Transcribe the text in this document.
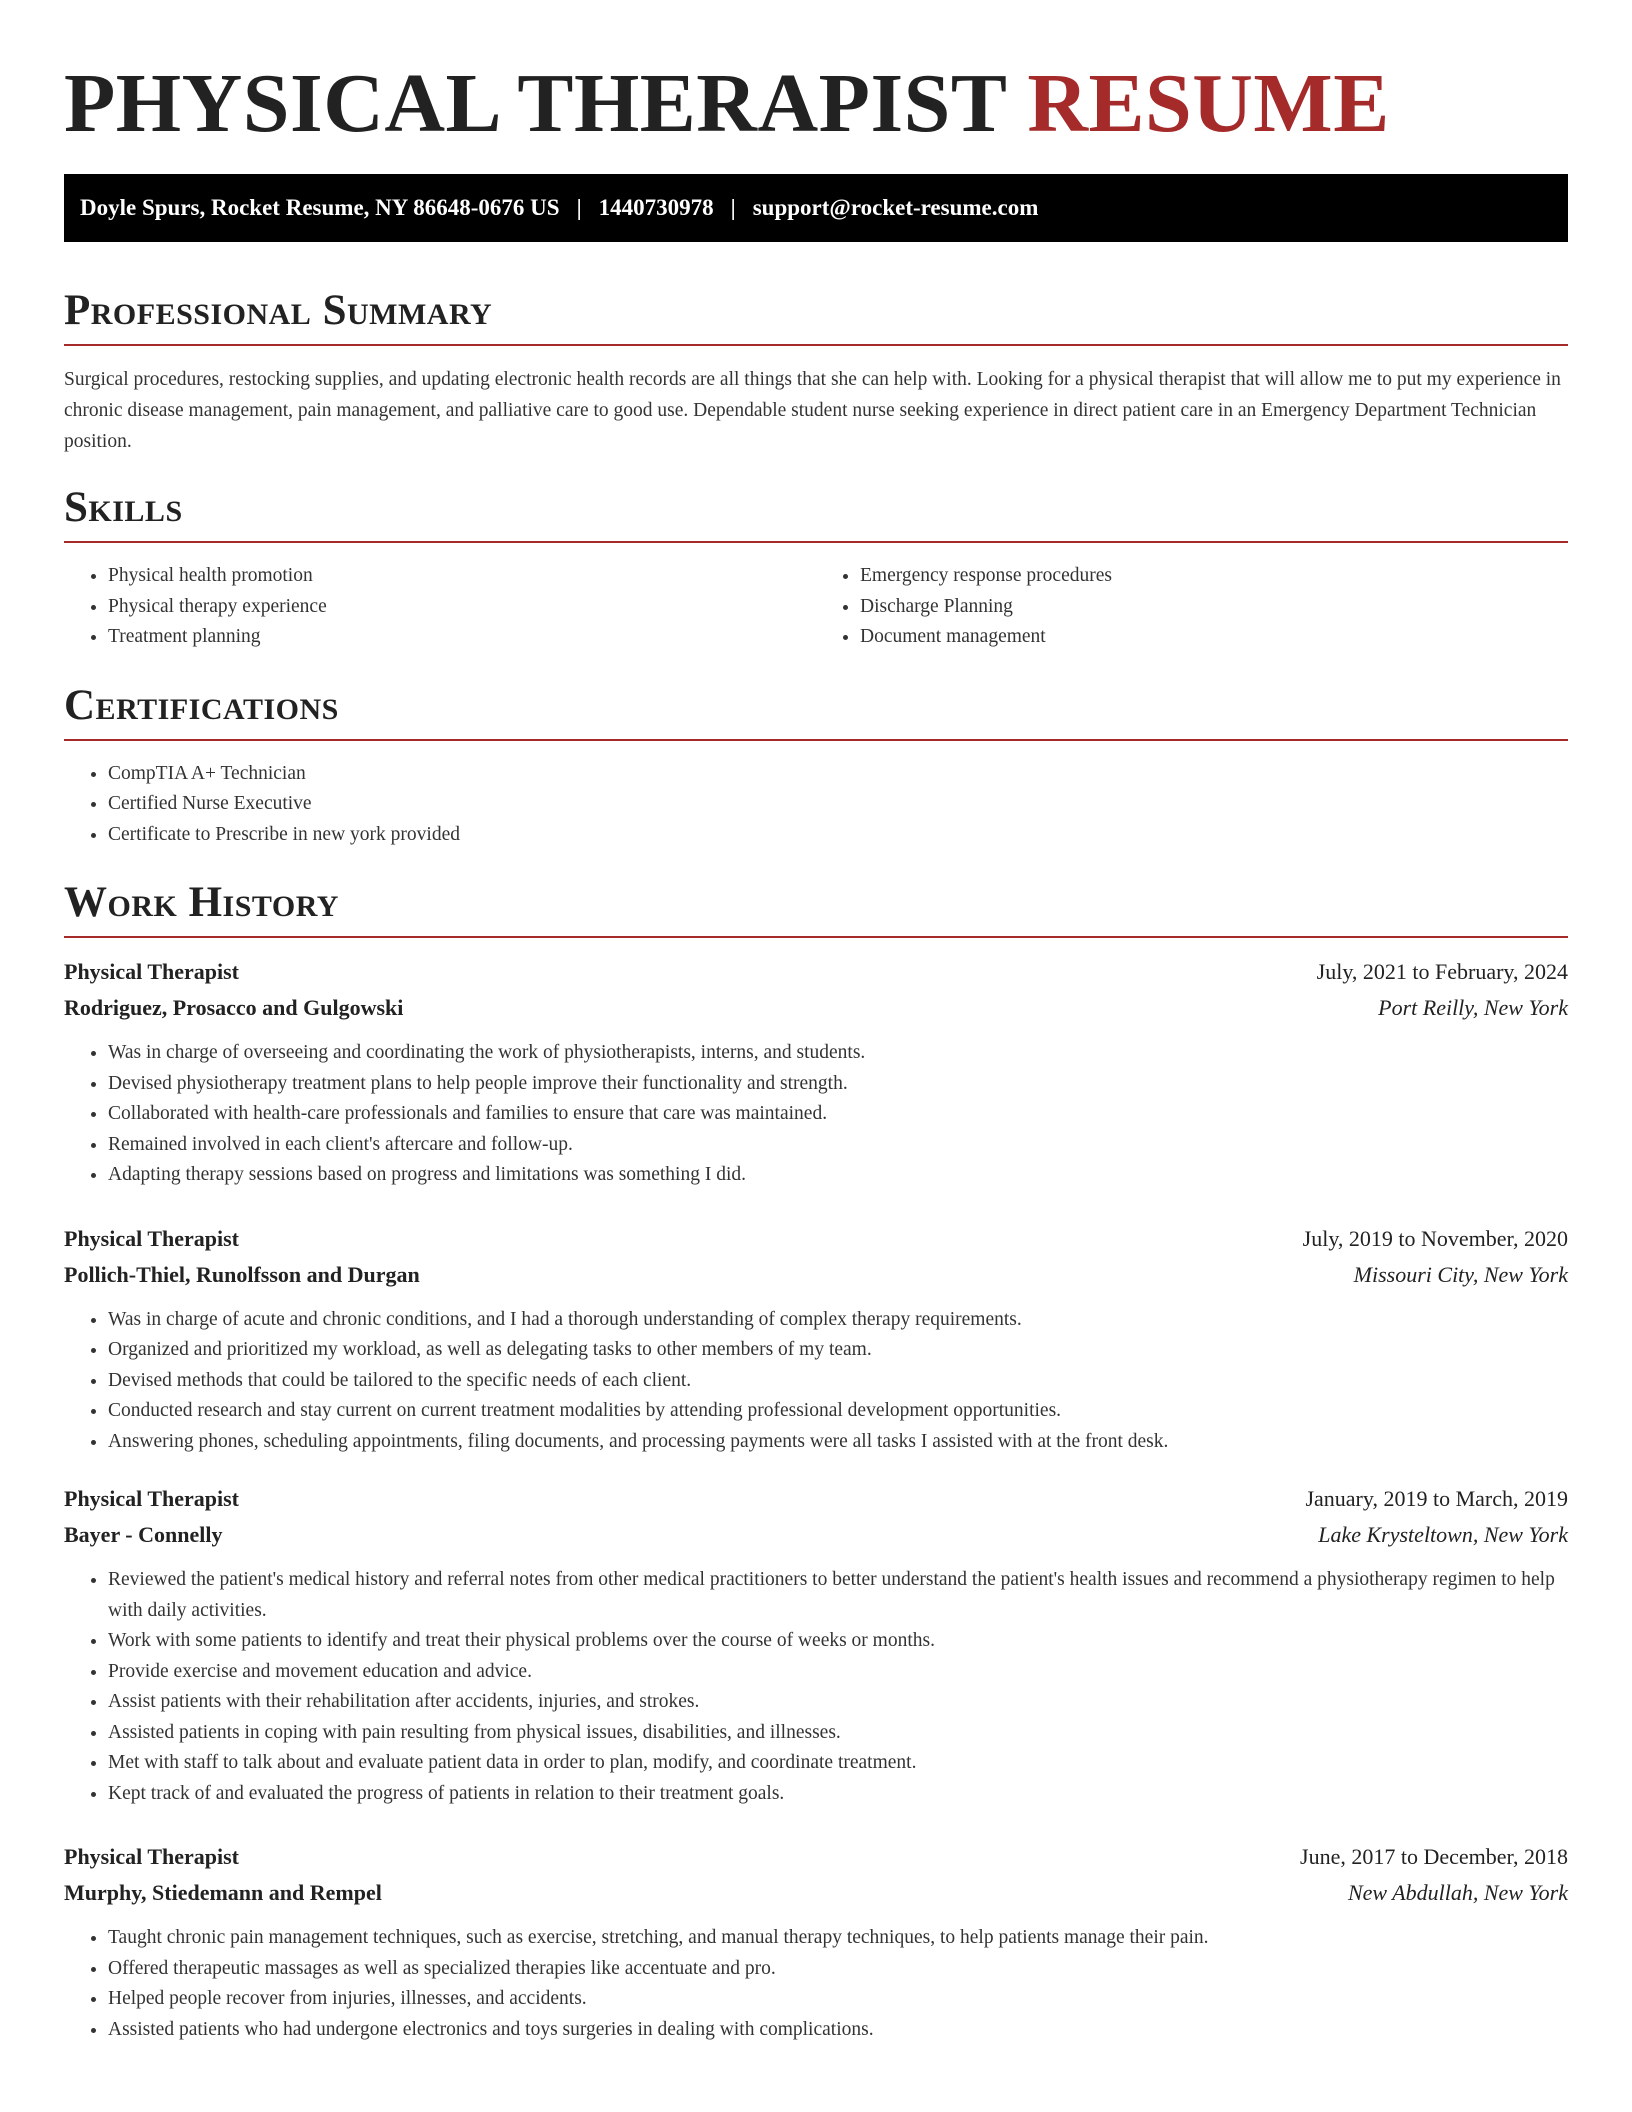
PHYSICAL THERAPIST RESUME
Doyle Spurs, Rocket Resume, NY 86648-0676 US | 1440730978 | support@rocket-resume.com
Professional Summary

Surgical procedures, restocking supplies, and updating electronic health records are all things that she can help with. Looking for a physical therapist that will allow me to put my experience in chronic disease management, pain management, and palliative care to good use. Dependable student nurse seeking experience in direct patient care in an Emergency Department Technician position.

Skills
• Physical health promotion
• Physical therapy experience
• Treatment planning
• Emergency response procedures
• Discharge Planning
• Document management
Certifications
• CompTIA A+ Technician
• Certified Nurse Executive
• Certificate to Prescribe in new york provided
Work History
Physical Therapist	July, 2021 to February, 2024
Rodriguez, Prosacco and Gulgowski	Port Reilly, New York
• Was in charge of overseeing and coordinating the work of physiotherapists, interns, and students.
• Devised physiotherapy treatment plans to help people improve their functionality and strength.
• Collaborated with health-care professionals and families to ensure that care was maintained.
• Remained involved in each client's aftercare and follow-up.
• Adapting therapy sessions based on progress and limitations was something I did.
Physical Therapist	July, 2019 to November, 2020
Pollich-Thiel, Runolfsson and Durgan	Missouri City, New York
• Was in charge of acute and chronic conditions, and I had a thorough understanding of complex therapy requirements.
• Organized and prioritized my workload, as well as delegating tasks to other members of my team.
• Devised methods that could be tailored to the specific needs of each client.
• Conducted research and stay current on current treatment modalities by attending professional development opportunities.
• Answering phones, scheduling appointments, filing documents, and processing payments were all tasks I assisted with at the front desk.
Physical Therapist	January, 2019 to March, 2019
Bayer - Connelly	Lake Krysteltown, New York
• Reviewed the patient's medical history and referral notes from other medical practitioners to better understand the patient's health issues and recommend a physiotherapy regimen to help with daily activities.
• Work with some patients to identify and treat their physical problems over the course of weeks or months.
• Provide exercise and movement education and advice.
• Assist patients with their rehabilitation after accidents, injuries, and strokes.
• Assisted patients in coping with pain resulting from physical issues, disabilities, and illnesses.
• Met with staff to talk about and evaluate patient data in order to plan, modify, and coordinate treatment.
• Kept track of and evaluated the progress of patients in relation to their treatment goals.
Physical Therapist	June, 2017 to December, 2018
Murphy, Stiedemann and Rempel	New Abdullah, New York
• Taught chronic pain management techniques, such as exercise, stretching, and manual therapy techniques, to help patients manage their pain.
• Offered therapeutic massages as well as specialized therapies like accentuate and pro.
• Helped people recover from injuries, illnesses, and accidents.
• Assisted patients who had undergone electronics and toys surgeries in dealing with complications.
